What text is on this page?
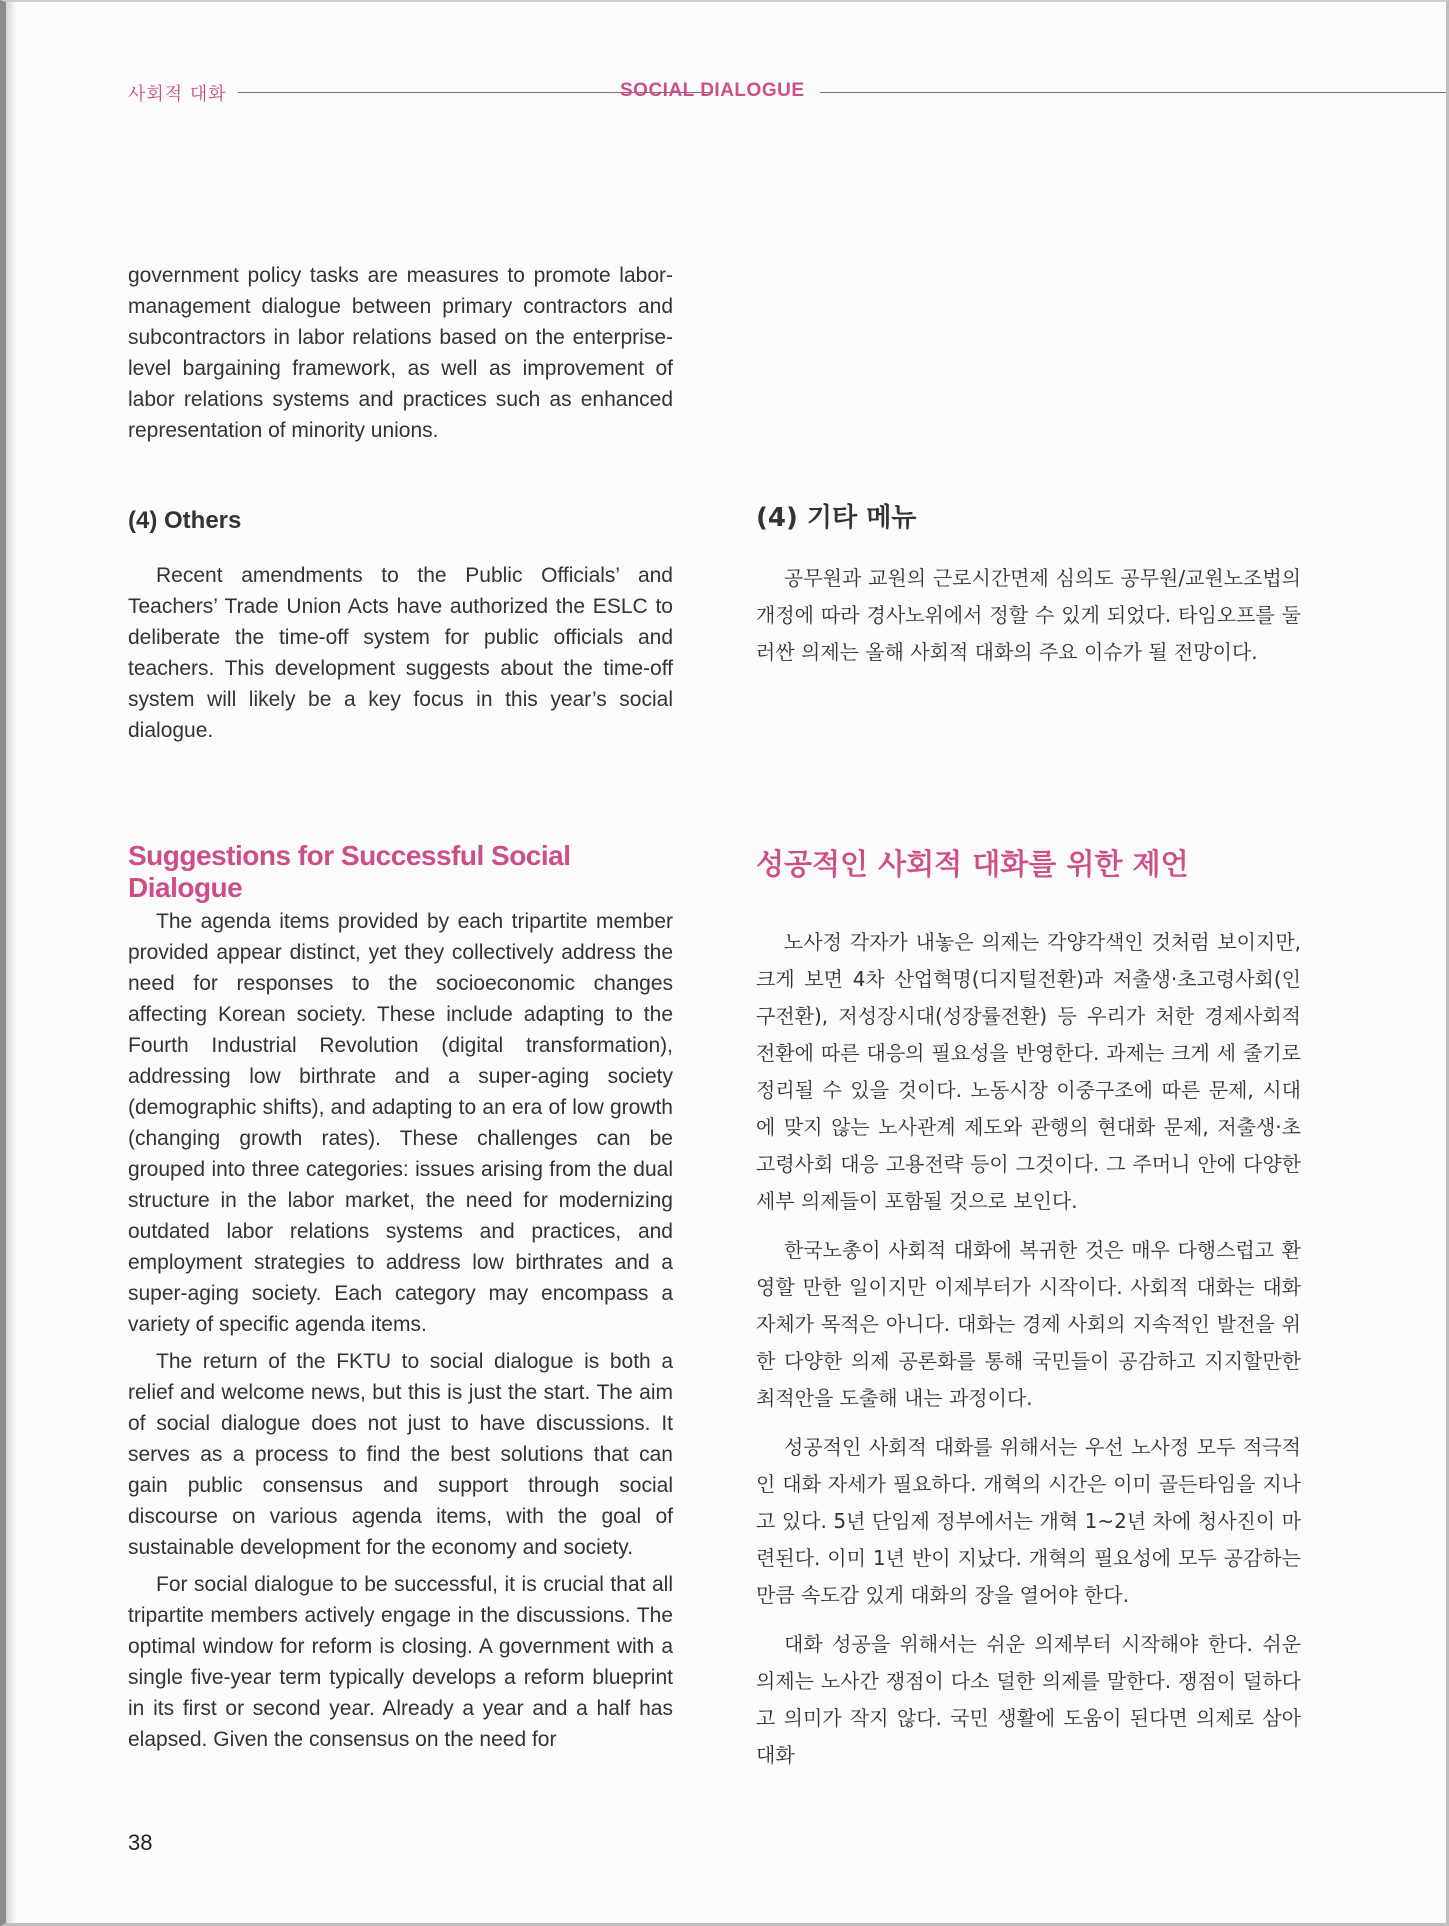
사회적 대화	SOCIAL DIALOGUE

government policy tasks are measures to promote labor-management dialogue between primary contractors and subcontractors in labor relations based on the enterprise-level bargaining framework, as well as improvement of labor relations systems and practices such as enhanced representation of minority unions.

(4) Others

Recent amendments to the Public Officials’ and Teachers’ Trade Union Acts have authorized the ESLC to deliberate the time-off system for public officials and teachers. This development suggests about the time-off system will likely be a key focus in this year’s social dialogue.

(4) 기타 메뉴

공무원과 교원의 근로시간면제 심의도 공무원/교원노조법의 개정에 따라 경사노위에서 정할 수 있게 되었다. 타임오프를 둘러싼 의제는 올해 사회적 대화의 주요 이슈가 될 전망이다.

Suggestions for Successful Social Dialogue
성공적인 사회적 대화를 위한 제언

The agenda items provided by each tripartite member provided appear distinct, yet they collectively address the need for responses to the socioeconomic changes affecting Korean society. These include adapting to the Fourth Industrial Revolution (digital transformation), addressing low birthrate and a super-aging society (demographic shifts), and adapting to an era of low growth (changing growth rates). These challenges can be grouped into three categories: issues arising from the dual structure in the labor market, the need for modernizing outdated labor relations systems and practices, and employment strategies to address low birthrates and a super-aging society. Each category may encompass a variety of specific agenda items.

The return of the FKTU to social dialogue is both a relief and welcome news, but this is just the start. The aim of social dialogue does not just to have discussions. It serves as a process to find the best solutions that can gain public consensus and support through social discourse on various agenda items, with the goal of sustainable development for the economy and society.

For social dialogue to be successful, it is crucial that all tripartite members actively engage in the discussions. The optimal window for reform is closing. A government with a single five-year term typically develops a reform blueprint in its first or second year. Already a year and a half has elapsed. Given the consensus on the need for

노사정 각자가 내놓은 의제는 각양각색인 것처럼 보이지만, 크게 보면 4차 산업혁명(디지털전환)과 저출생·초고령사회(인구전환), 저성장시대(성장률전환) 등 우리가 처한 경제사회적 전환에 따른 대응의 필요성을 반영한다. 과제는 크게 세 줄기로 정리될 수 있을 것이다. 노동시장 이중구조에 따른 문제, 시대에 맞지 않는 노사관계 제도와 관행의 현대화 문제, 저출생·초고령사회 대응 고용전략 등이 그것이다. 그 주머니 안에 다양한 세부 의제들이 포함될 것으로 보인다.

한국노총이 사회적 대화에 복귀한 것은 매우 다행스럽고 환영할 만한 일이지만 이제부터가 시작이다. 사회적 대화는 대화 자체가 목적은 아니다. 대화는 경제 사회의 지속적인 발전을 위한 다양한 의제 공론화를 통해 국민들이 공감하고 지지할만한 최적안을 도출해 내는 과정이다.

성공적인 사회적 대화를 위해서는 우선 노사정 모두 적극적인 대화 자세가 필요하다. 개혁의 시간은 이미 골든타임을 지나고 있다. 5년 단임제 정부에서는 개혁 1~2년 차에 청사진이 마련된다. 이미 1년 반이 지났다. 개혁의 필요성에 모두 공감하는 만큼 속도감 있게 대화의 장을 열어야 한다.

대화 성공을 위해서는 쉬운 의제부터 시작해야 한다. 쉬운 의제는 노사간 쟁점이 다소 덜한 의제를 말한다. 쟁점이 덜하다고 의미가 작지 않다. 국민 생활에 도움이 된다면 의제로 삼아 대화

38
